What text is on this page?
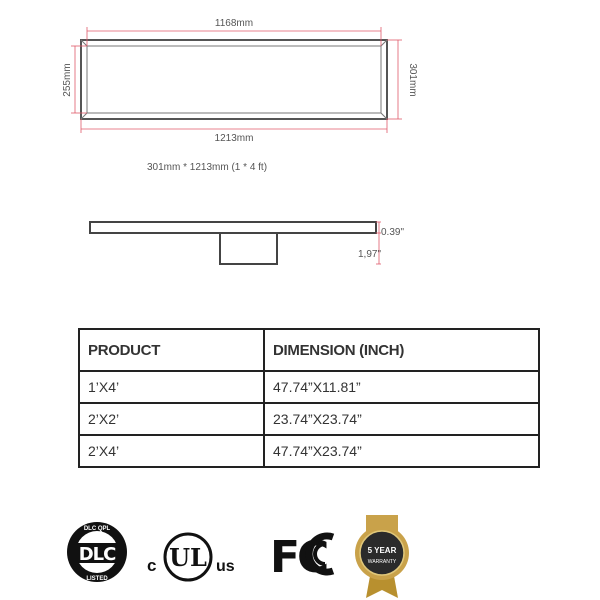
1168mm
255mm	301mm
1213mm
0.39"
1,97"
301mm * 1213mm (1 * 4 ft)
PRODUCT	DIMENSION (INCH)
1’X4’	47.74”X11.81”
2’X2’	23.74”X23.74”
2’X4’	47.74”X23.74”
DLC QPL
LISTED
DLC
c UL us FC	5 YEAR
WARRANTY
